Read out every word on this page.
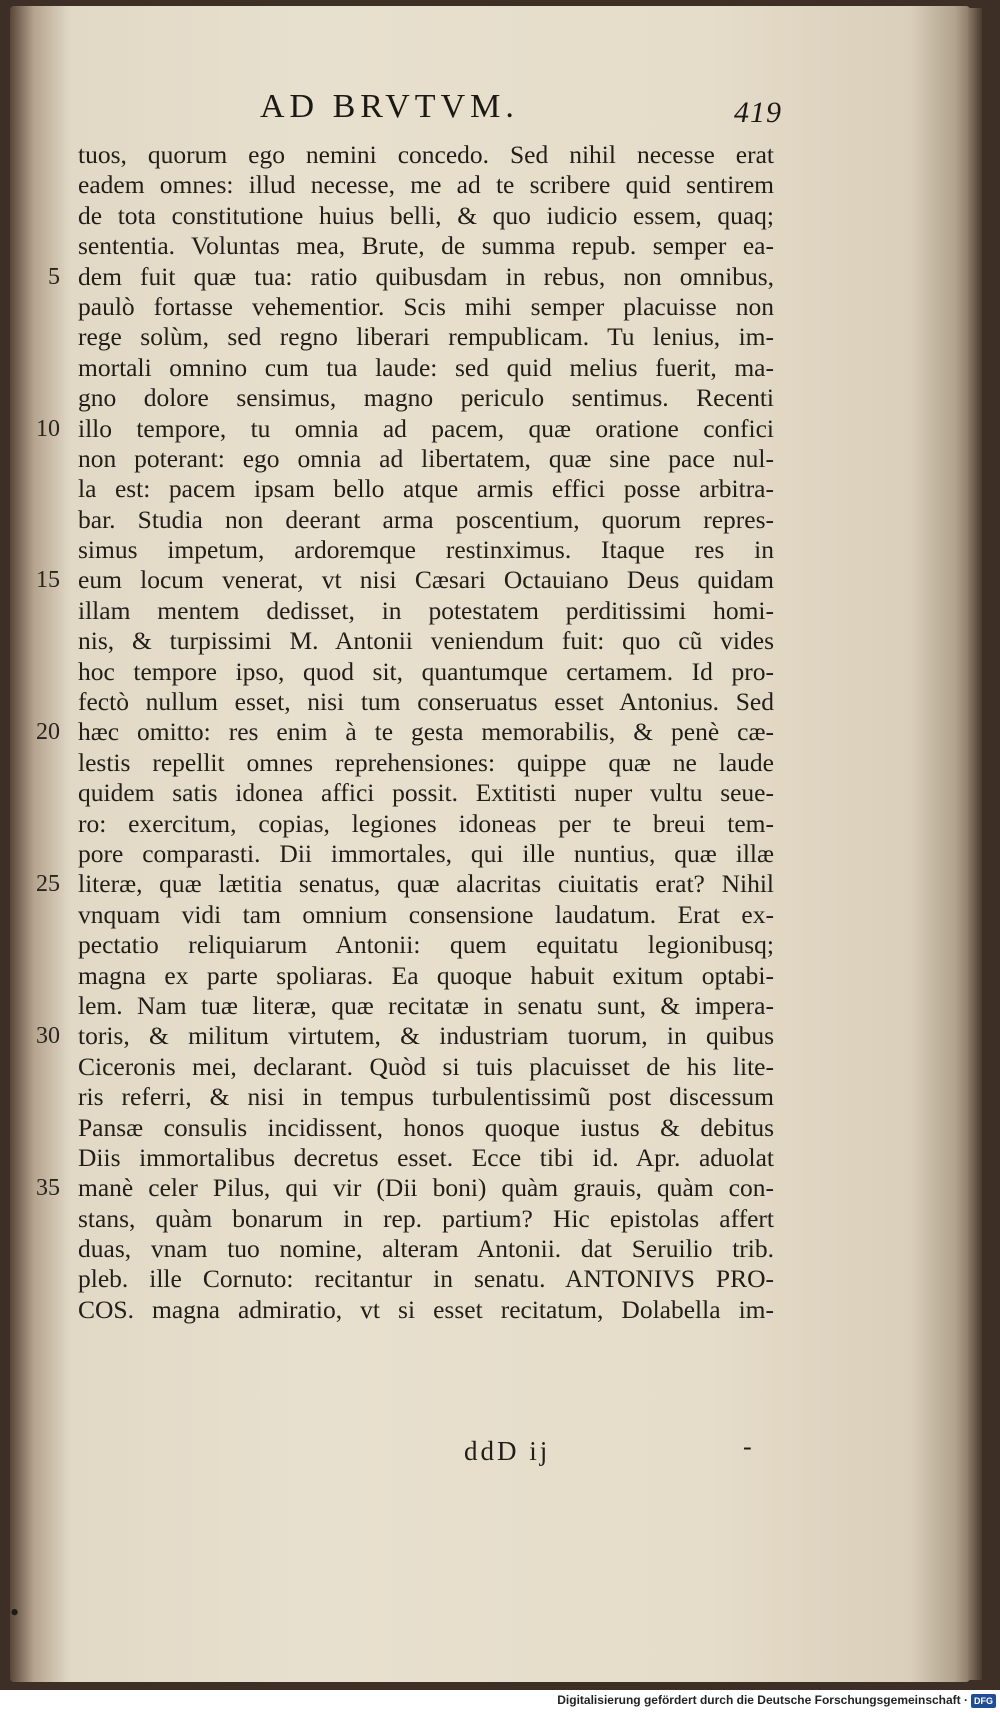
AD BRVTVM.	419
tuos, quorum ego nemini concedo. Sed nihil necesse erat
eadem omnes: illud necesse, me ad te scribere quid sentirem
de tota constitutione huius belli, & quo iudicio essem, quaq;
sententia. Voluntas mea, Brute, de summa repub. semper ea-
5 dem fuit quæ tua: ratio quibusdam in rebus, non omnibus,
paulò fortasse vehementior. Scis mihi semper placuisse non
rege solùm, sed regno liberari rempublicam. Tu lenius, im-
mortali omnino cum tua laude: sed quid melius fuerit, ma-
gno dolore sensimus, magno periculo sentimus. Recenti
10 illo tempore, tu omnia ad pacem, quæ oratione confici
non poterant: ego omnia ad libertatem, quæ sine pace nul-
la est: pacem ipsam bello atque armis effici posse arbitra-
bar. Studia non deerant arma poscentium, quorum repres-
simus impetum, ardoremque restinximus. Itaque res in
15 eum locum venerat, vt nisi Cæsari Octauiano Deus quidam
illam mentem dedisset, in potestatem perditissimi homi-
nis, & turpissimi M. Antonii veniendum fuit: quo cũ vides
hoc tempore ipso, quod sit, quantumque certamem. Id pro-
fectò nullum esset, nisi tum conseruatus esset Antonius. Sed
20 hæc omitto: res enim à te gesta memorabilis, & penè cæ-
lestis repellit omnes reprehensiones: quippe quæ ne laude
quidem satis idonea affici possit. Extitisti nuper vultu seue-
ro: exercitum, copias, legiones idoneas per te breui tem-
pore comparasti. Dii immortales, qui ille nuntius, quæ illæ
25 literæ, quæ lætitia senatus, quæ alacritas ciuitatis erat? Nihil
vnquam vidi tam omnium consensione laudatum. Erat ex-
pectatio reliquiarum Antonii: quem equitatu legionibusq;
magna ex parte spoliaras. Ea quoque habuit exitum optabi-
lem. Nam tuæ literæ, quæ recitatæ in senatu sunt, & impera-
30 toris, & militum virtutem, & industriam tuorum, in quibus
Ciceronis mei, declarant. Quòd si tuis placuisset de his lite-
ris referri, & nisi in tempus turbulentissimũ post discessum
Pansæ consulis incidissent, honos quoque iustus & debitus
Diis immortalibus decretus esset. Ecce tibi id. Apr. aduolat
35 manè celer Pilus, qui vir (Dii boni) quàm grauis, quàm con-
stans, quàm bonarum in rep. partium? Hic epistolas affert
duas, vnam tuo nomine, alteram Antonii. dat Seruilio trib.
pleb. ille Cornuto: recitantur in senatu. ANTONIVS PRO-
COS. magna admiratio, vt si esset recitatum, Dolabella im-
ddD ij	-
•
Digitalisierung gefördert durch die Deutsche Forschungsgemeinschaft · DFG
